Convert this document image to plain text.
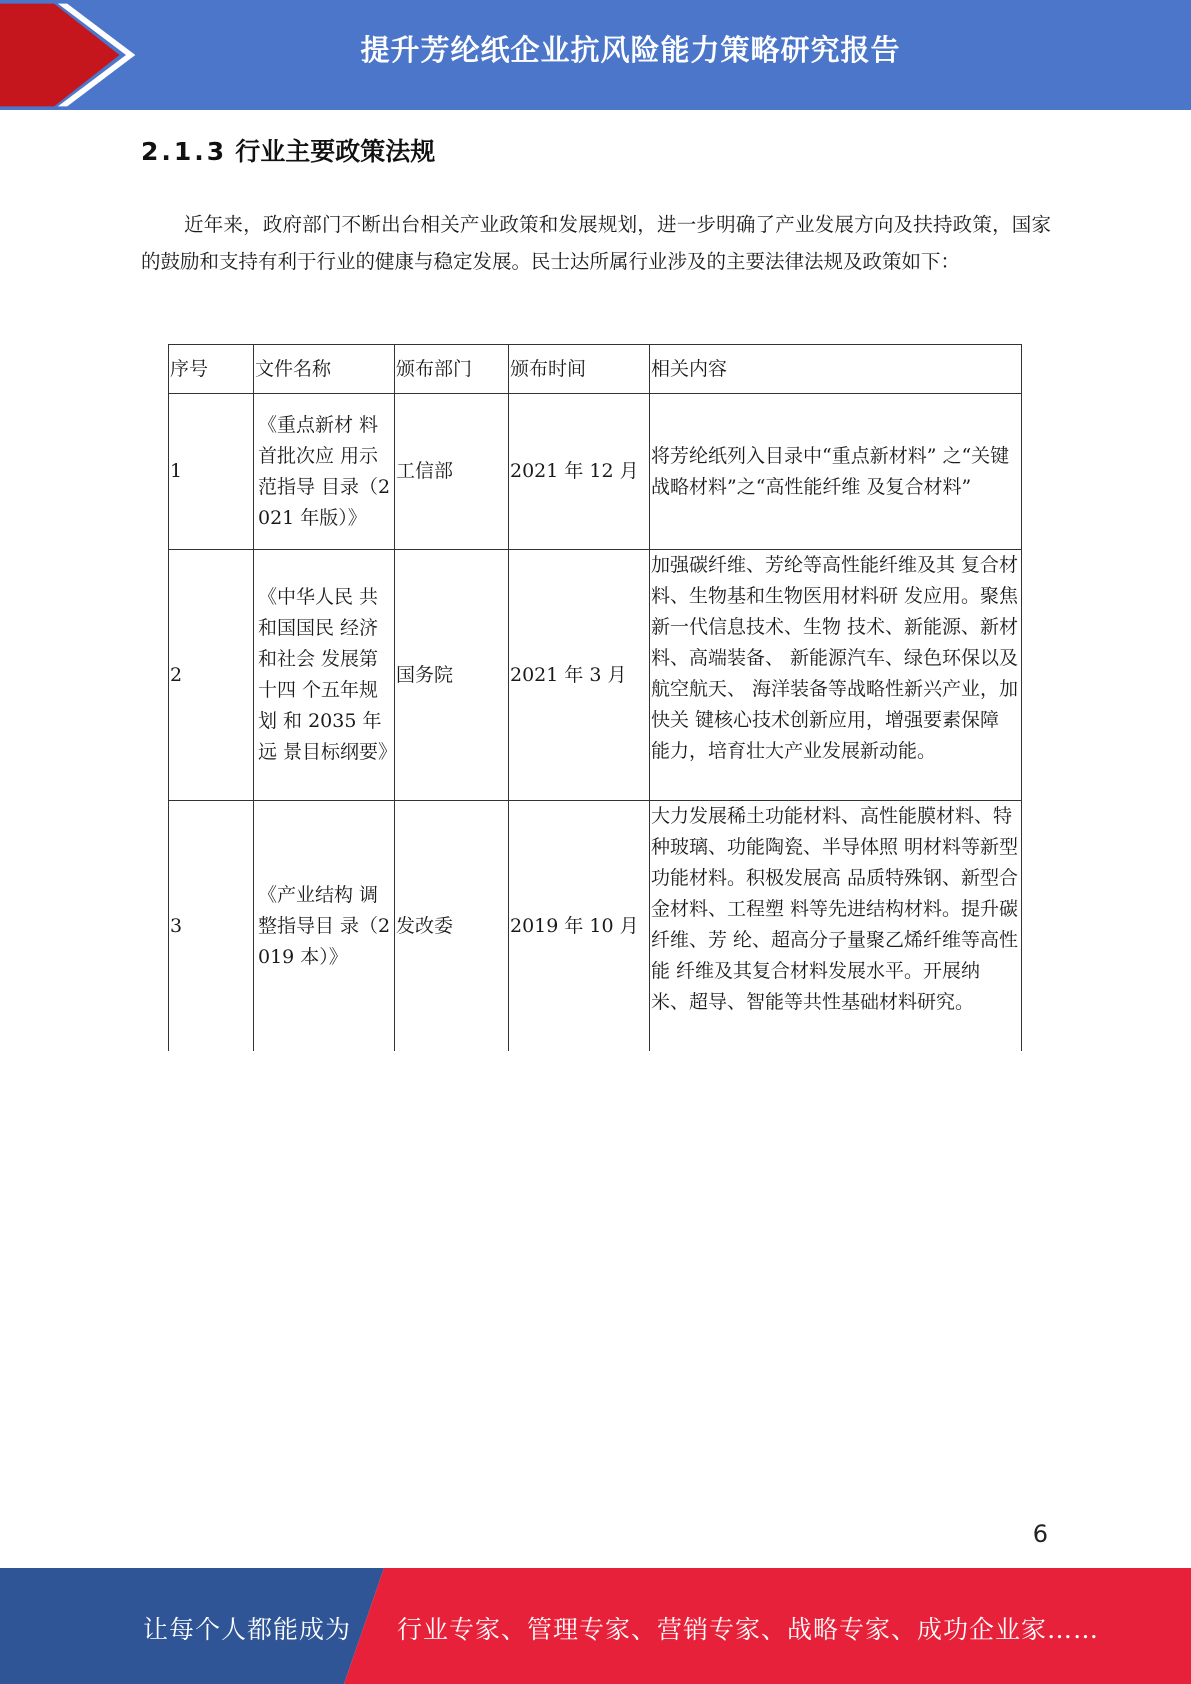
提升芳纶纸企业抗风险能力策略研究报告
2.1.3 行业主要政策法规
近年来，政府部门不断出台相关产业政策和发展规划，进一步明确了产业发展方向及扶持政策，国家的鼓励和支持有利于行业的健康与稳定发展。民士达所属行业涉及的主要法律法规及政策如下：
序号	文件名称	颁布部门	颁布时间	相关内容
1	《重点新材 料首批次应 用示范指导 目录（2021 年版）》	工信部	2021 年 12 月	将芳纶纸列入目录中“重点新材料” 之“关键战略材料”之“高性能纤维 及复合材料”
2	《中华人民 共和国国民 经济和社会 发展第十四 个五年规划 和 2035 年远 景目标纲要》	国务院	2021 年 3 月	加强碳纤维、芳纶等高性能纤维及其 复合材料、生物基和生物医用材料研 发应用。聚焦新一代信息技术、生物 技术、新能源、新材料、高端装备、 新能源汽车、绿色环保以及航空航天、 海洋装备等战略性新兴产业，加快关 键核心技术创新应用，增强要素保障 能力，培育壮大产业发展新动能。
3	《产业结构 调整指导目 录（2019 本）》	发改委	2019 年 10 月	大力发展稀土功能材料、高性能膜材料、特种玻璃、功能陶瓷、半导体照 明材料等新型功能材料。积极发展高 品质特殊钢、新型合金材料、工程塑 料等先进结构材料。提升碳纤维、芳 纶、超高分子量聚乙烯纤维等高性能 纤维及其复合材料发展水平。开展纳 米、超导、智能等共性基础材料研究。
6
让每个人都能成为 行业专家、管理专家、营销专家、战略专家、成功企业家……
